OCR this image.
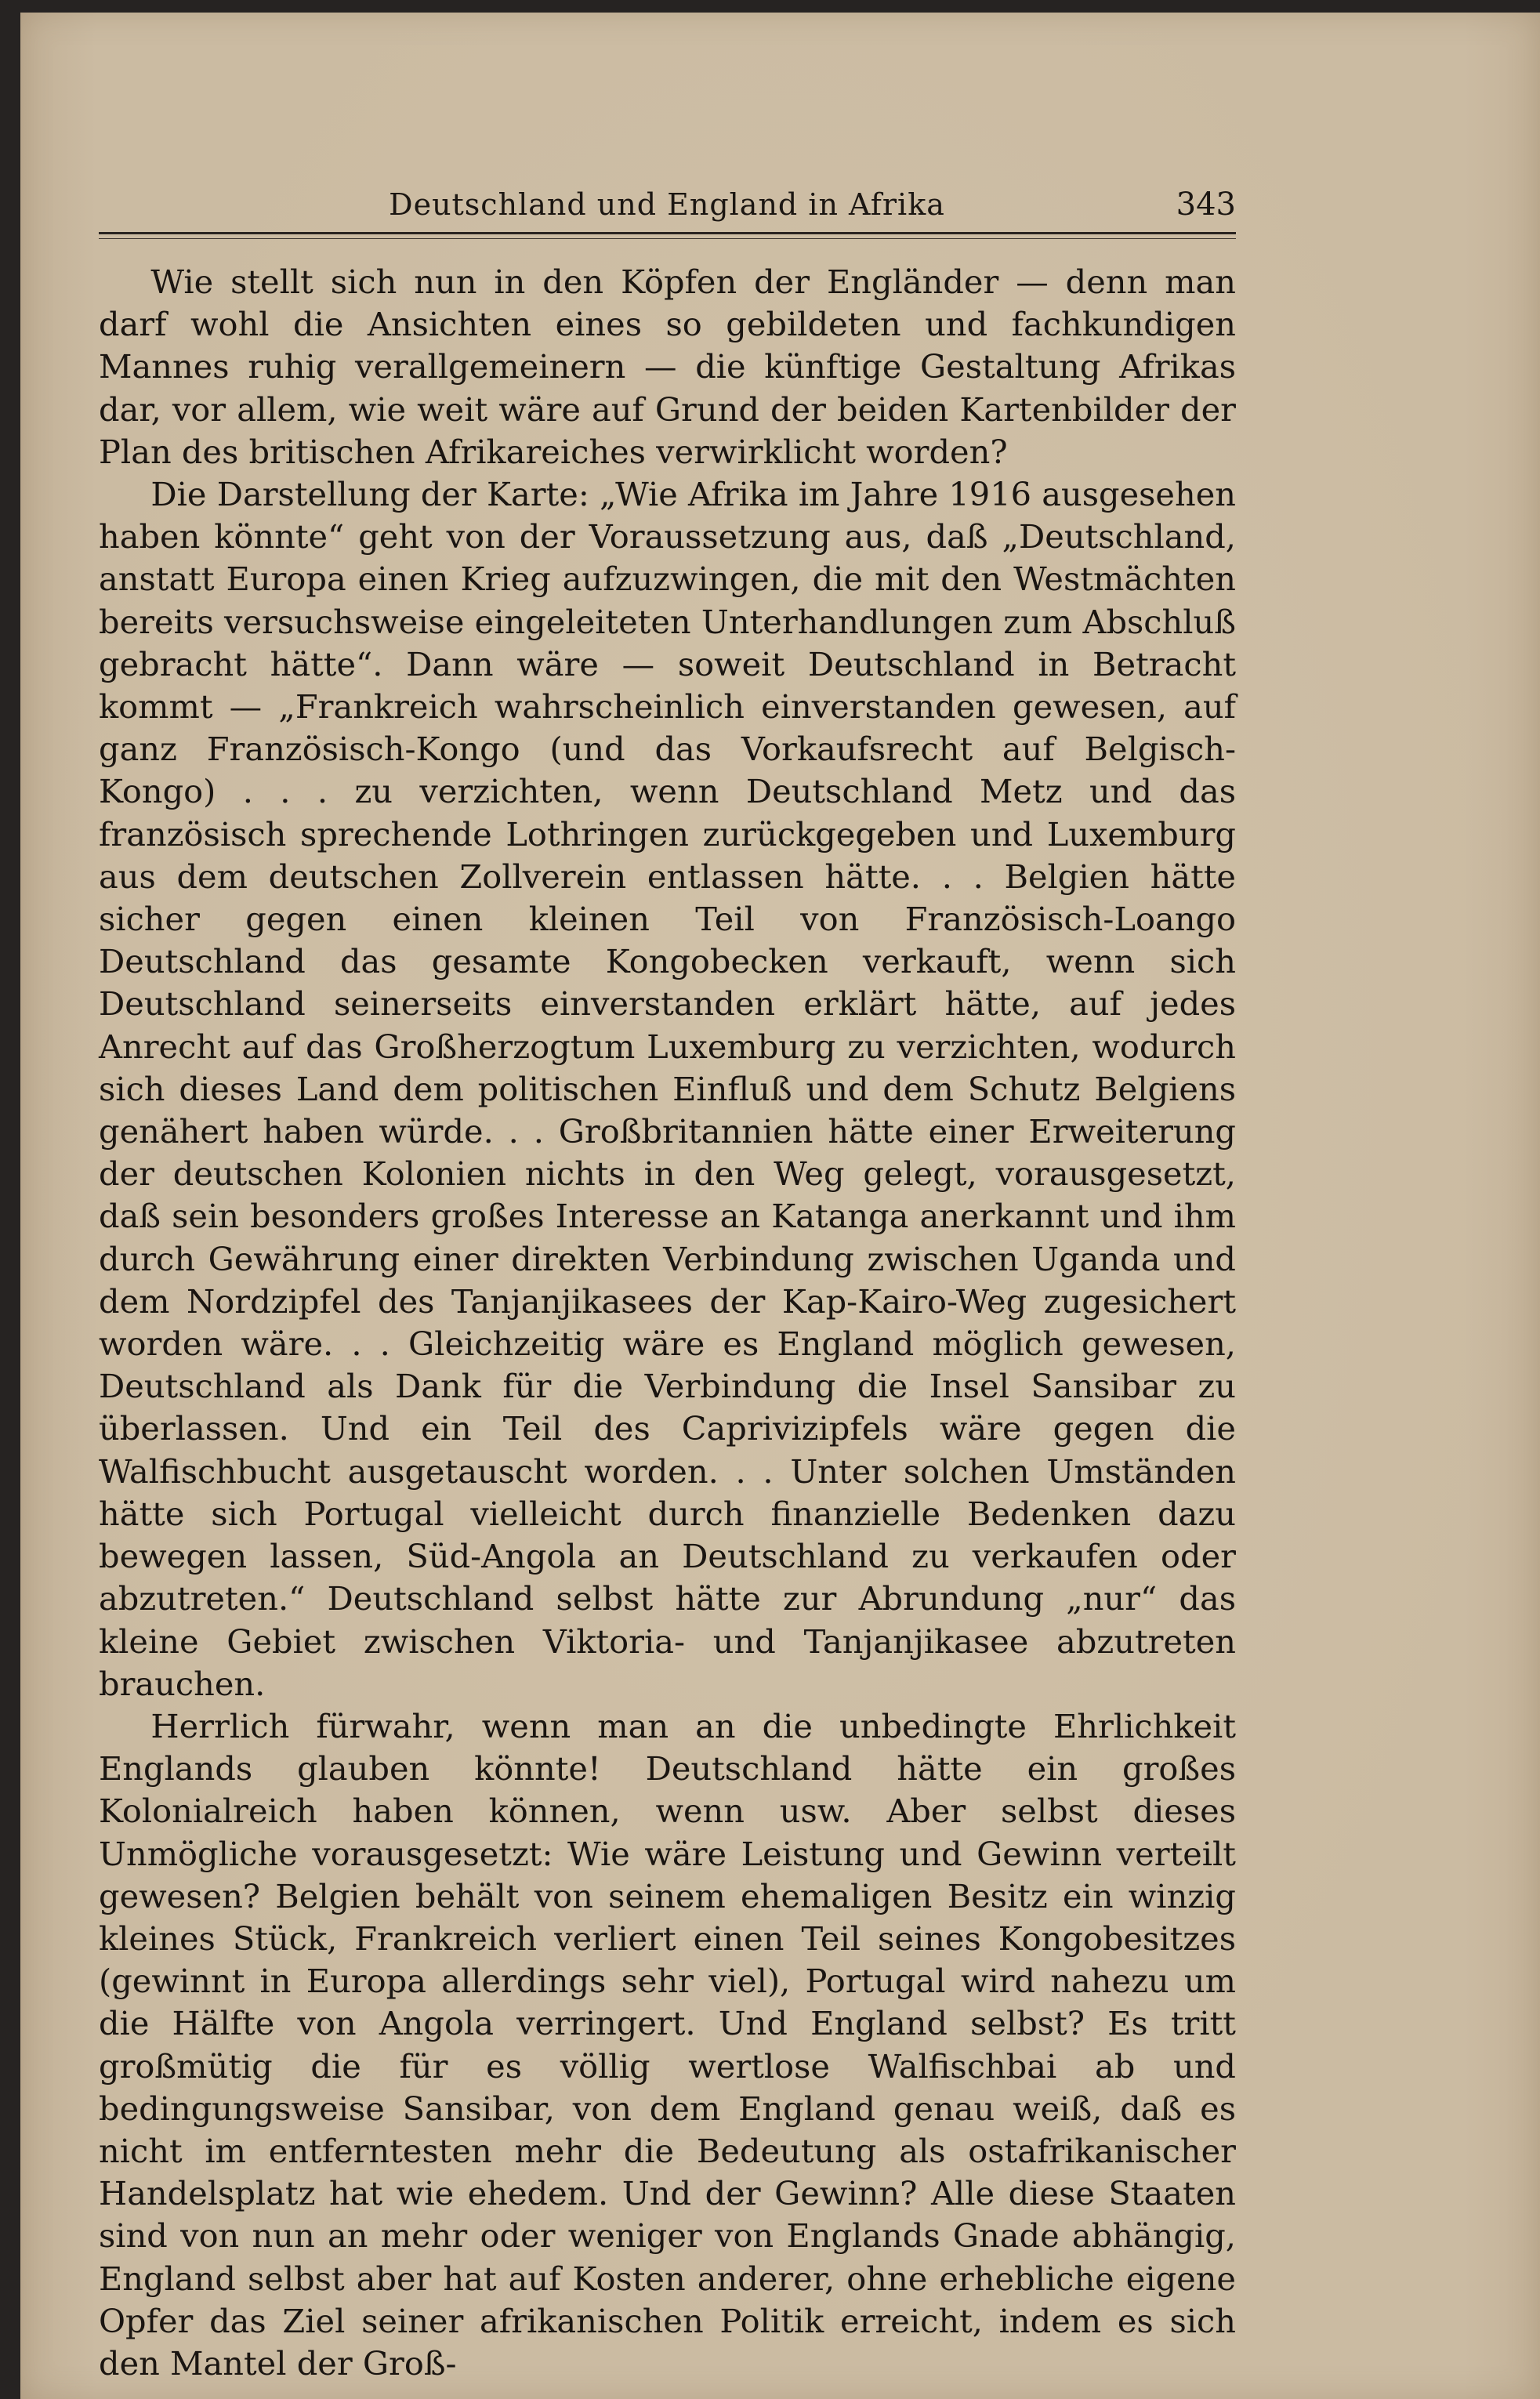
Deutschland und England in Afrika	343

Wie stellt sich nun in den Köpfen der Engländer — denn man darf wohl die Ansichten eines so gebildeten und fachkundigen Mannes ruhig verallgemeinern — die künftige Gestaltung Afrikas dar, vor allem, wie weit wäre auf Grund der beiden Kartenbilder der Plan des britischen Afrikareiches verwirklicht worden?

Die Darstellung der Karte: „Wie Afrika im Jahre 1916 ausgesehen haben könnte“ geht von der Voraussetzung aus, daß „Deutschland, anstatt Europa einen Krieg aufzuzwingen, die mit den Westmächten bereits versuchsweise eingeleiteten Unterhandlungen zum Abschluß gebracht hätte“. Dann wäre — soweit Deutschland in Betracht kommt — „Frankreich wahrscheinlich einverstanden gewesen, auf ganz Französisch-Kongo (und das Vorkaufsrecht auf Belgisch-Kongo) . . . zu verzichten, wenn Deutschland Metz und das französisch sprechende Lothringen zurückgegeben und Luxemburg aus dem deutschen Zollverein entlassen hätte. . . Belgien hätte sicher gegen einen kleinen Teil von Französisch-Loango Deutschland das gesamte Kongobecken verkauft, wenn sich Deutschland seinerseits einverstanden erklärt hätte, auf jedes Anrecht auf das Großherzogtum Luxemburg zu verzichten, wodurch sich dieses Land dem politischen Einfluß und dem Schutz Belgiens genähert haben würde. . . Großbritannien hätte einer Erweiterung der deutschen Kolonien nichts in den Weg gelegt, vorausgesetzt, daß sein besonders großes Interesse an Katanga anerkannt und ihm durch Gewährung einer direkten Verbindung zwischen Uganda und dem Nordzipfel des Tanjanjikasees der Kap-Kairo-Weg zugesichert worden wäre. . . Gleichzeitig wäre es England möglich gewesen, Deutschland als Dank für die Verbindung die Insel Sansibar zu überlassen. Und ein Teil des Caprivizipfels wäre gegen die Walfischbucht ausgetauscht worden. . . Unter solchen Umständen hätte sich Portugal vielleicht durch finanzielle Bedenken dazu bewegen lassen, Süd-Angola an Deutschland zu verkaufen oder abzutreten.“ Deutschland selbst hätte zur Abrundung „nur“ das kleine Gebiet zwischen Viktoria- und Tanjanjikasee abzutreten brauchen.

Herrlich fürwahr, wenn man an die unbedingte Ehrlichkeit Englands glauben könnte! Deutschland hätte ein großes Kolonialreich haben können, wenn usw. Aber selbst dieses Unmögliche vorausgesetzt: Wie wäre Leistung und Gewinn verteilt gewesen? Belgien behält von seinem ehemaligen Besitz ein winzig kleines Stück, Frankreich verliert einen Teil seines Kongobesitzes (gewinnt in Europa allerdings sehr viel), Portugal wird nahezu um die Hälfte von Angola verringert. Und England selbst? Es tritt großmütig die für es völlig wertlose Walfischbai ab und bedingungsweise Sansibar, von dem England genau weiß, daß es nicht im entferntesten mehr die Bedeutung als ostafrikanischer Handelsplatz hat wie ehedem. Und der Gewinn? Alle diese Staaten sind von nun an mehr oder weniger von Englands Gnade abhängig, England selbst aber hat auf Kosten anderer, ohne erhebliche eigene Opfer das Ziel seiner afrikanischen Politik erreicht, indem es sich den Mantel der Groß-
